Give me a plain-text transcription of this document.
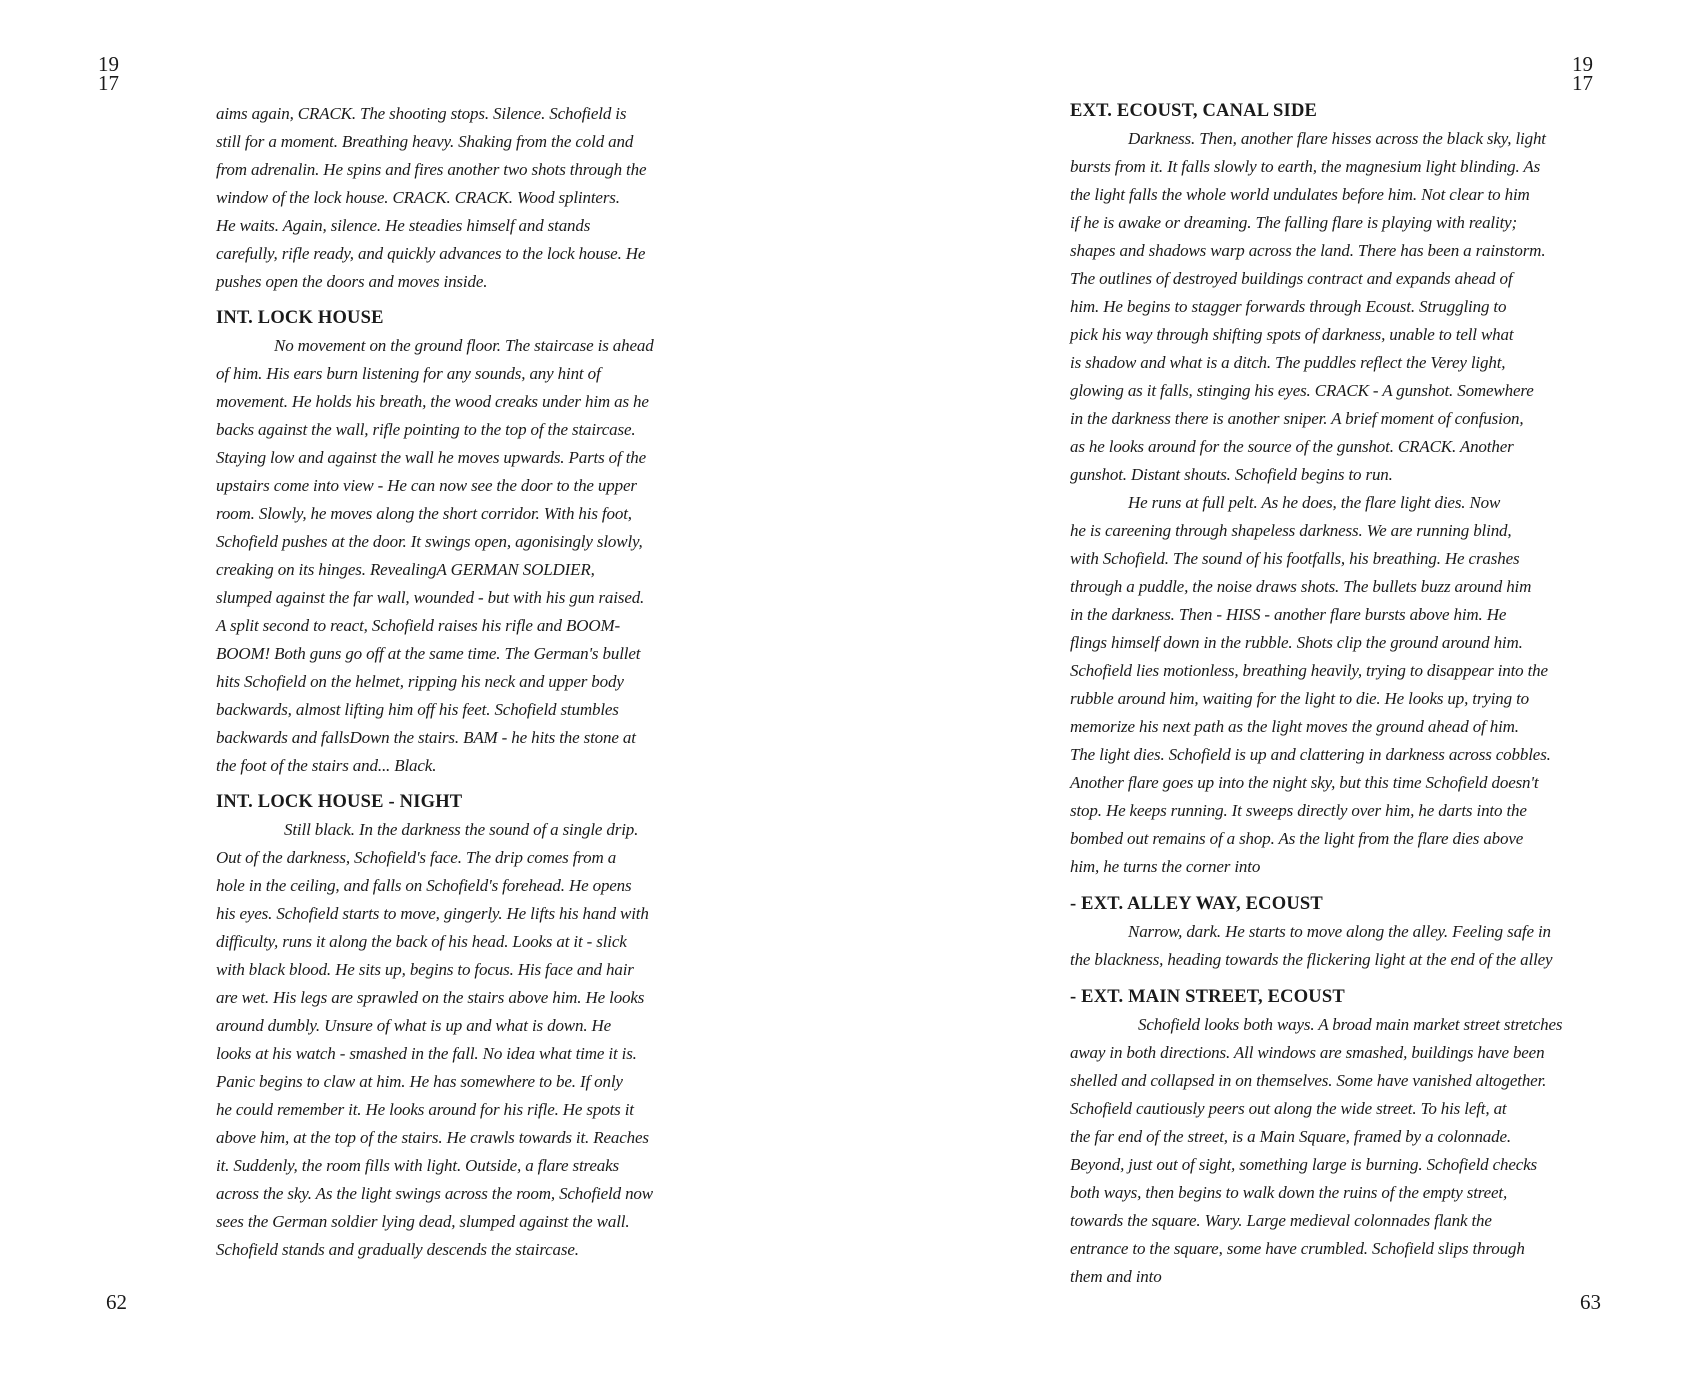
19
17
aims again, CRACK. The shooting stops. Silence. Schofield is
still for a moment. Breathing heavy. Shaking from the cold and
from adrenalin. He spins and fires another two shots through the
window of the lock house. CRACK. CRACK. Wood splinters.
He waits. Again, silence. He steadies himself and stands
carefully, rifle ready, and quickly advances to the lock house. He
pushes open the doors and moves inside.
INT. LOCK HOUSE
No movement on the ground floor. The staircase is ahead
of him. His ears burn listening for any sounds, any hint of
movement. He holds his breath, the wood creaks under him as he
backs against the wall, rifle pointing to the top of the staircase.
Staying low and against the wall he moves upwards. Parts of the
upstairs come into view - He can now see the door to the upper
room. Slowly, he moves along the short corridor. With his foot,
Schofield pushes at the door. It swings open, agonisingly slowly,
creaking on its hinges. RevealingA GERMAN SOLDIER,
slumped against the far wall, wounded - but with his gun raised.
A split second to react, Schofield raises his rifle and BOOM-
BOOM! Both guns go off at the same time. The German's bullet
hits Schofield on the helmet, ripping his neck and upper body
backwards, almost lifting him off his feet. Schofield stumbles
backwards and fallsDown the stairs. BAM - he hits the stone at
the foot of the stairs and... Black.
INT. LOCK HOUSE - NIGHT
Still black. In the darkness the sound of a single drip.
Out of the darkness, Schofield's face. The drip comes from a
hole in the ceiling, and falls on Schofield's forehead. He opens
his eyes. Schofield starts to move, gingerly. He lifts his hand with
difficulty, runs it along the back of his head. Looks at it - slick
with black blood. He sits up, begins to focus. His face and hair
are wet. His legs are sprawled on the stairs above him. He looks
around dumbly. Unsure of what is up and what is down. He
looks at his watch - smashed in the fall. No idea what time it is.
Panic begins to claw at him. He has somewhere to be. If only
he could remember it. He looks around for his rifle. He spots it
above him, at the top of the stairs. He crawls towards it. Reaches
it. Suddenly, the room fills with light. Outside, a flare streaks
across the sky. As the light swings across the room, Schofield now
sees the German soldier lying dead, slumped against the wall.
Schofield stands and gradually descends the staircase.
62
19
17
EXT. ECOUST, CANAL SIDE
Darkness. Then, another flare hisses across the black sky, light
bursts from it. It falls slowly to earth, the magnesium light blinding. As
the light falls the whole world undulates before him. Not clear to him
if he is awake or dreaming. The falling flare is playing with reality;
shapes and shadows warp across the land. There has been a rainstorm.
The outlines of destroyed buildings contract and expands ahead of
him. He begins to stagger forwards through Ecoust. Struggling to
pick his way through shifting spots of darkness, unable to tell what
is shadow and what is a ditch. The puddles reflect the Verey light,
glowing as it falls, stinging his eyes. CRACK - A gunshot. Somewhere
in the darkness there is another sniper. A brief moment of confusion,
as he looks around for the source of the gunshot. CRACK. Another
gunshot. Distant shouts. Schofield begins to run.
He runs at full pelt. As he does, the flare light dies. Now
he is careening through shapeless darkness. We are running blind,
with Schofield. The sound of his footfalls, his breathing. He crashes
through a puddle, the noise draws shots. The bullets buzz around him
in the darkness. Then - HISS - another flare bursts above him. He
flings himself down in the rubble. Shots clip the ground around him.
Schofield lies motionless, breathing heavily, trying to disappear into the
rubble around him, waiting for the light to die. He looks up, trying to
memorize his next path as the light moves the ground ahead of him.
The light dies. Schofield is up and clattering in darkness across cobbles.
Another flare goes up into the night sky, but this time Schofield doesn't
stop. He keeps running. It sweeps directly over him, he darts into the
bombed out remains of a shop. As the light from the flare dies above
him, he turns the corner into
- EXT. ALLEY WAY, ECOUST
Narrow, dark. He starts to move along the alley. Feeling safe in
the blackness, heading towards the flickering light at the end of the alley
- EXT. MAIN STREET, ECOUST
Schofield looks both ways. A broad main market street stretches
away in both directions. All windows are smashed, buildings have been
shelled and collapsed in on themselves. Some have vanished altogether.
Schofield cautiously peers out along the wide street. To his left, at
the far end of the street, is a Main Square, framed by a colonnade.
Beyond, just out of sight, something large is burning. Schofield checks
both ways, then begins to walk down the ruins of the empty street,
towards the square. Wary. Large medieval colonnades flank the
entrance to the square, some have crumbled. Schofield slips through
them and into
63
